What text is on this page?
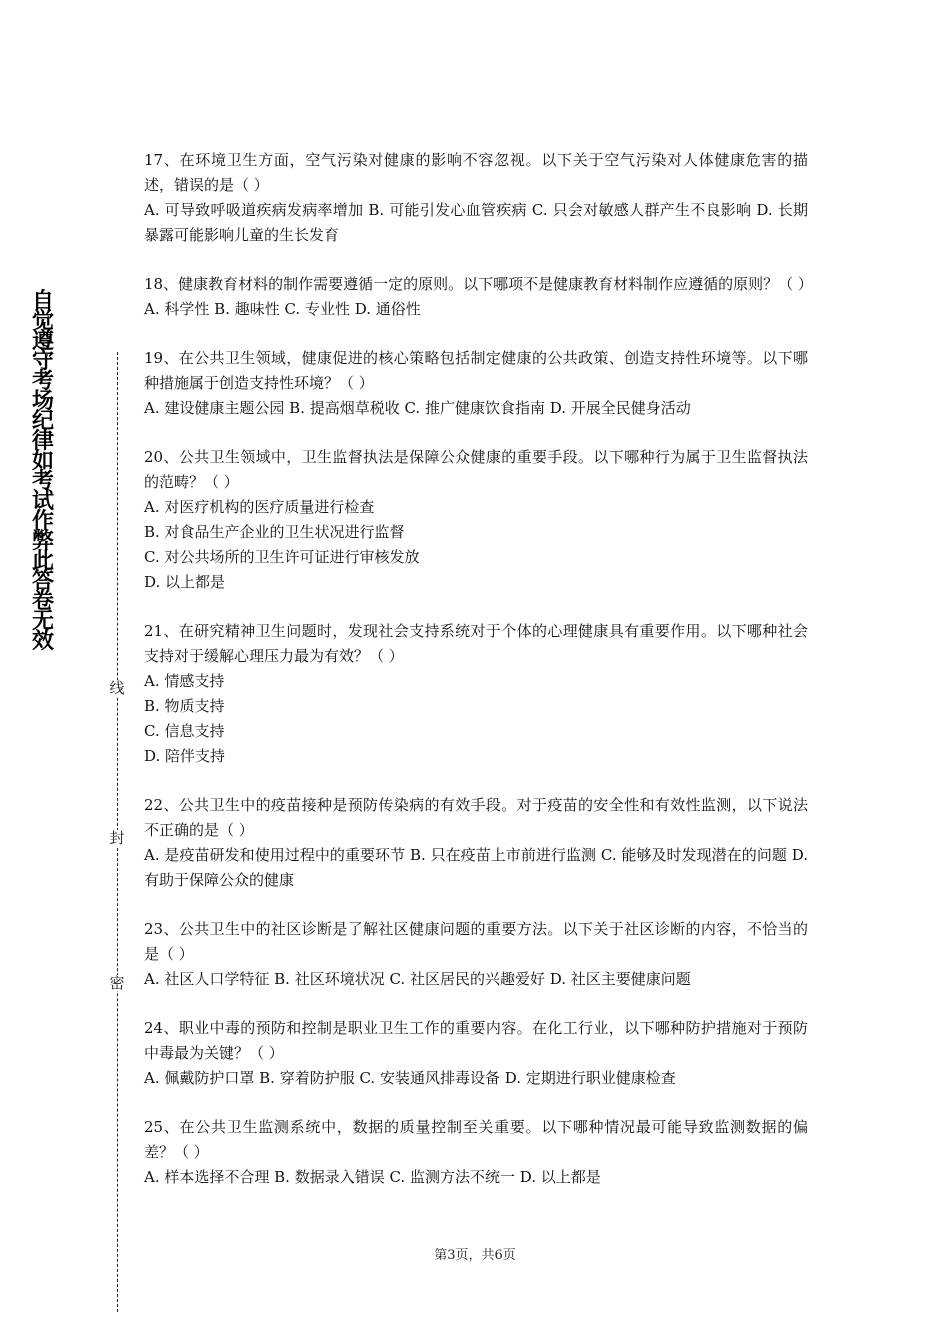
自觉遵守考场纪律如考试作弊此答卷无效
线
封
密
17、在环境卫生方面，空气污染对健康的影响不容忽视。以下关于空气污染对人体健康危害的描述，错误的是（ ）
A. 可导致呼吸道疾病发病率增加 B. 可能引发心血管疾病 C. 只会对敏感人群产生不良影响 D. 长期暴露可能影响儿童的生长发育
18、健康教育材料的制作需要遵循一定的原则。以下哪项不是健康教育材料制作应遵循的原则？（ ）
A. 科学性 B. 趣味性 C. 专业性 D. 通俗性
19、在公共卫生领域，健康促进的核心策略包括制定健康的公共政策、创造支持性环境等。以下哪种措施属于创造支持性环境？（ ）
A. 建设健康主题公园 B. 提高烟草税收 C. 推广健康饮食指南 D. 开展全民健身活动
20、公共卫生领域中，卫生监督执法是保障公众健康的重要手段。以下哪种行为属于卫生监督执法的范畴？（ ）
A. 对医疗机构的医疗质量进行检查
B. 对食品生产企业的卫生状况进行监督
C. 对公共场所的卫生许可证进行审核发放
D. 以上都是
21、在研究精神卫生问题时，发现社会支持系统对于个体的心理健康具有重要作用。以下哪种社会支持对于缓解心理压力最为有效？（ ）
A. 情感支持
B. 物质支持
C. 信息支持
D. 陪伴支持
22、公共卫生中的疫苗接种是预防传染病的有效手段。对于疫苗的安全性和有效性监测，以下说法不正确的是（ ）
A. 是疫苗研发和使用过程中的重要环节 B. 只在疫苗上市前进行监测 C. 能够及时发现潜在的问题 D. 有助于保障公众的健康
23、公共卫生中的社区诊断是了解社区健康问题的重要方法。以下关于社区诊断的内容，不恰当的是（ ）
A. 社区人口学特征 B. 社区环境状况 C. 社区居民的兴趣爱好 D. 社区主要健康问题
24、职业中毒的预防和控制是职业卫生工作的重要内容。在化工行业，以下哪种防护措施对于预防中毒最为关键？（ ）
A. 佩戴防护口罩 B. 穿着防护服 C. 安装通风排毒设备 D. 定期进行职业健康检查
25、在公共卫生监测系统中，数据的质量控制至关重要。以下哪种情况最可能导致监测数据的偏差？（ ）
A. 样本选择不合理 B. 数据录入错误 C. 监测方法不统一 D. 以上都是
第3页，共6页
